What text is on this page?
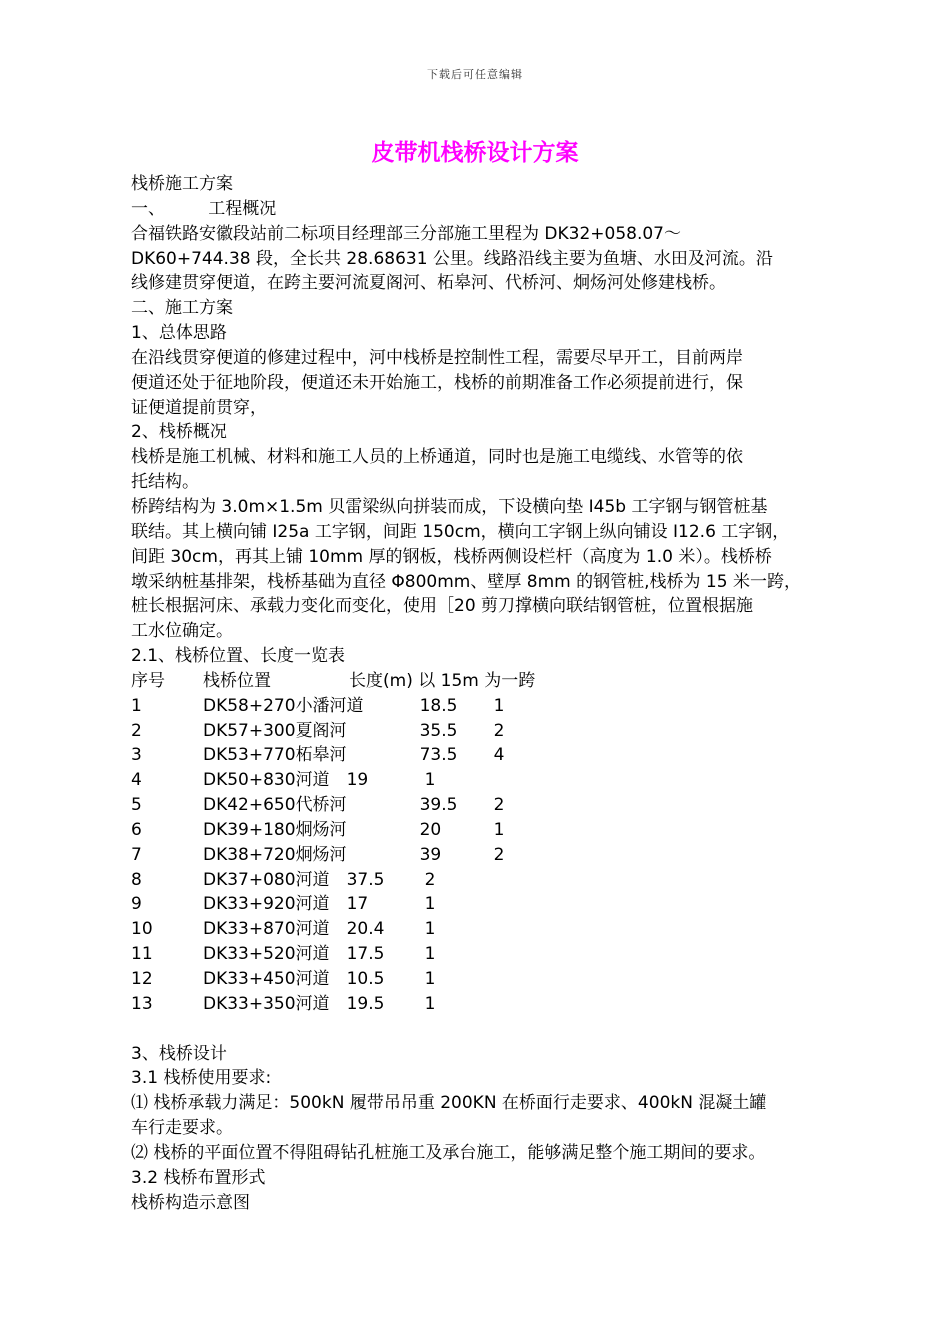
下载后可任意编辑
皮带机栈桥设计方案
栈桥施工方案
一、        工程概况
合福铁路安徽段站前二标项目经理部三分部施工里程为 DK32+058.07～
DK60+744.38 段，全长共 28.68631 公里。线路沿线主要为鱼塘、水田及河流。沿
线修建贯穿便道，在跨主要河流夏阁河、柘皋河、代桥河、炯炀河处修建栈桥。
二、施工方案
1、总体思路
在沿线贯穿便道的修建过程中，河中栈桥是控制性工程，需要尽早开工，目前两岸
便道还处于征地阶段，便道还未开始施工，栈桥的前期准备工作必须提前进行，保
证便道提前贯穿，
2、栈桥概况
栈桥是施工机械、材料和施工人员的上桥通道，同时也是施工电缆线、水管等的依
托结构。
桥跨结构为 3.0m×1.5m 贝雷梁纵向拼装而成，下设横向垫 I45b 工字钢与钢管桩基
联结。其上横向铺 I25a 工字钢，间距 150cm，横向工字钢上纵向铺设 I12.6 工字钢，
间距 30cm，再其上铺 10mm 厚的钢板，栈桥两侧设栏杆（高度为 1.0 米）。栈桥桥
墩采纳桩基排架，栈桥基础为直径 Φ800mm、壁厚 8mm 的钢管桩,栈桥为 15 米一跨，
桩长根据河床、承载力变化而变化，使用［20 剪刀撑横向联结钢管桩，位置根据施
工水位确定。
2.1、栈桥位置、长度一览表
序号 栈桥位置	长度(m) 以 15m 为一跨
1	DK58+270小潘河道	18.5 1
2	DK57+300夏阁河	35.5 2
3	DK53+770柘皋河	73.5 4
4	DK50+830河道 19	1
5	DK42+650代桥河	39.5 2
6	DK39+180炯炀河	20	1
7	DK38+720炯炀河	39	2
8	DK37+080河道 37.5 2
9	DK33+920河道 17	1
10	DK33+870河道 20.4 1
11	DK33+520河道 17.5 1
12	DK33+450河道 10.5 1
13	DK33+350河道 19.5 1
3、栈桥设计
3.1 栈桥使用要求:
⑴ 栈桥承载力满足：500kN 履带吊吊重 200KN 在桥面行走要求、400kN 混凝土罐
车行走要求。
⑵ 栈桥的平面位置不得阻碍钻孔桩施工及承台施工，能够满足整个施工期间的要求。
3.2 栈桥布置形式
栈桥构造示意图
